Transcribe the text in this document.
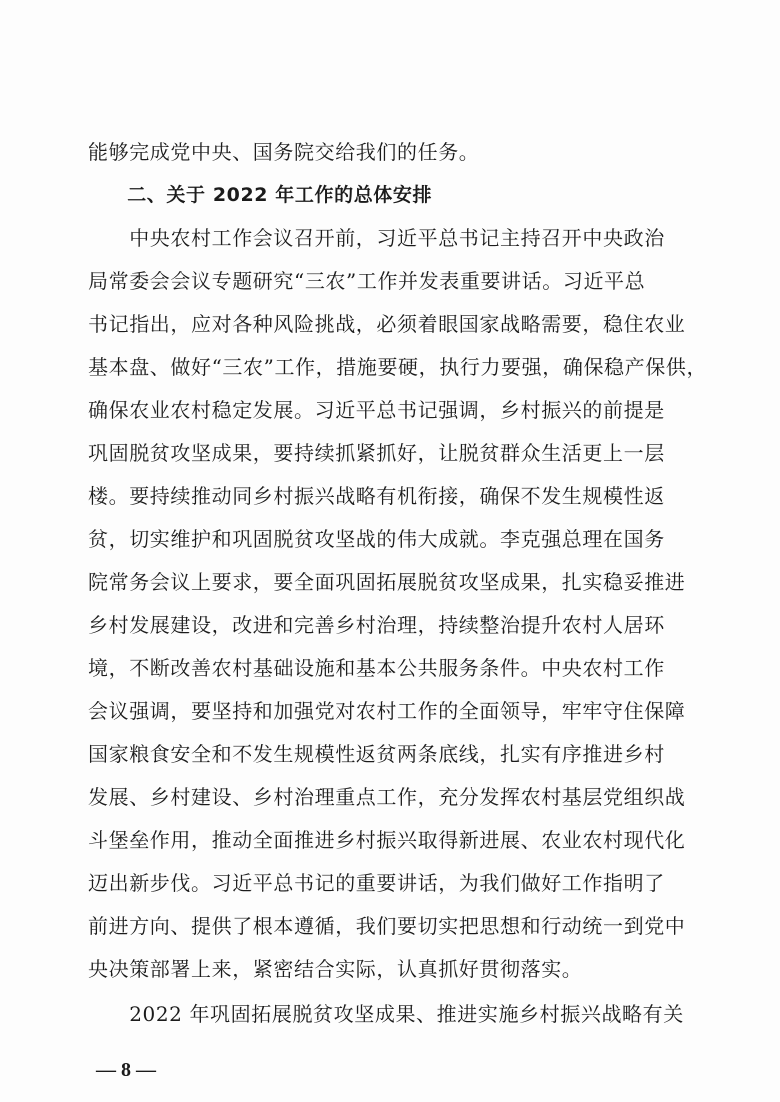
能够完成党中央、国务院交给我们的任务。

　　二、关于 2022 年工作的总体安排

　　中央农村工作会议召开前，习近平总书记主持召开中央政治

局常委会会议专题研究“三农”工作并发表重要讲话。习近平总

书记指出，应对各种风险挑战，必须着眼国家战略需要，稳住农业

基本盘、做好“三农”工作，措施要硬，执行力要强，确保稳产保供，

确保农业农村稳定发展。习近平总书记强调，乡村振兴的前提是

巩固脱贫攻坚成果，要持续抓紧抓好，让脱贫群众生活更上一层

楼。要持续推动同乡村振兴战略有机衔接，确保不发生规模性返

贫，切实维护和巩固脱贫攻坚战的伟大成就。李克强总理在国务

院常务会议上要求，要全面巩固拓展脱贫攻坚成果，扎实稳妥推进

乡村发展建设，改进和完善乡村治理，持续整治提升农村人居环

境，不断改善农村基础设施和基本公共服务条件。中央农村工作

会议强调，要坚持和加强党对农村工作的全面领导，牢牢守住保障

国家粮食安全和不发生规模性返贫两条底线，扎实有序推进乡村

发展、乡村建设、乡村治理重点工作，充分发挥农村基层党组织战

斗堡垒作用，推动全面推进乡村振兴取得新进展、农业农村现代化

迈出新步伐。习近平总书记的重要讲话，为我们做好工作指明了

前进方向、提供了根本遵循，我们要切实把思想和行动统一到党中

央决策部署上来，紧密结合实际，认真抓好贯彻落实。

　　2022 年巩固拓展脱贫攻坚成果、推进实施乡村振兴战略有关

— 8 —
